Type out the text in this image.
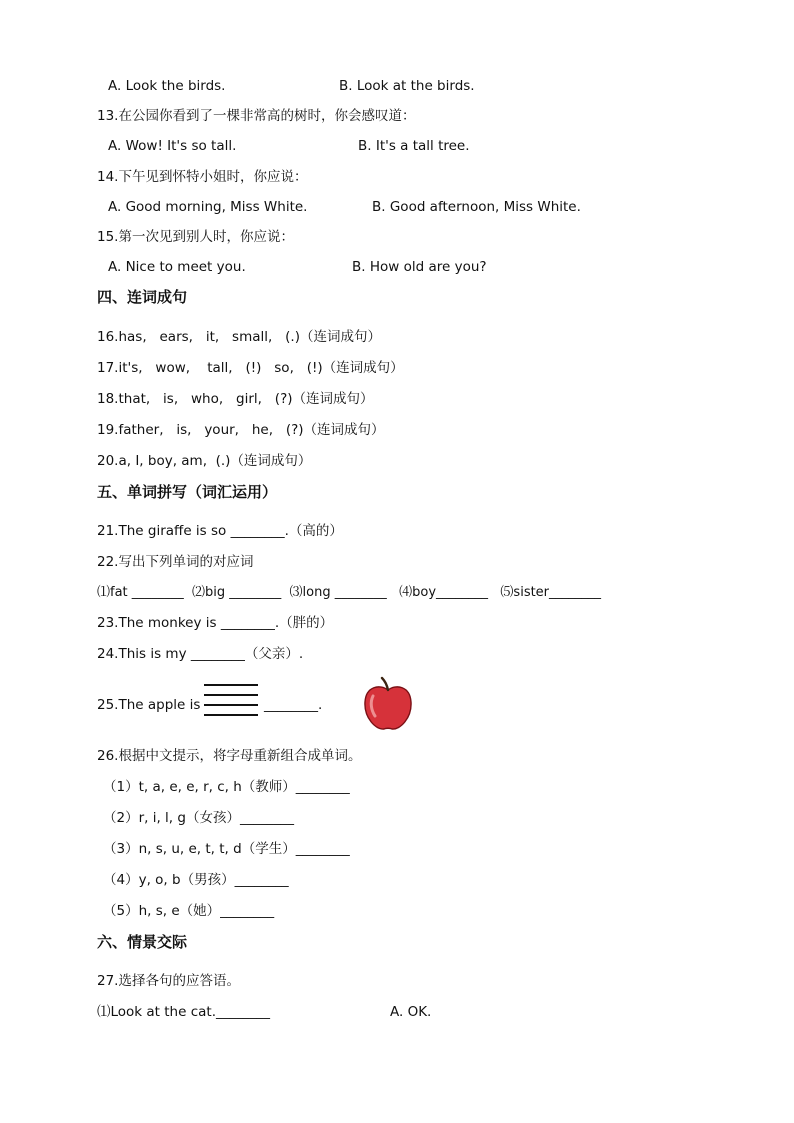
A. Look the birds.	B. Look at the birds.
13.在公园你看到了一棵非常高的树时，你会感叹道：
A. Wow! It's so tall.	B. It's a tall tree.
14.下午见到怀特小姐时，你应说：
A. Good morning, Miss White.	B. Good afternoon, Miss White.
15.第一次见到别人时，你应说：
A. Nice to meet you.	B. How old are you?
四、连词成句
16.has,   ears,   it,   small,   (.)（连词成句）
17.it's,   wow,    tall,   (!)   so,   (!)（连词成句）
18.that,   is,   who,   girl,   (?)（连词成句）
19.father,   is,   your,   he,   (?)（连词成句）
20.a, I, boy, am,  (.)（连词成句）
五、单词拼写（词汇运用）
21.The giraffe is so ________.（高的）
22.写出下列单词的对应词
⑴fat ________  ⑵big ________  ⑶long ________   ⑷boy________   ⑸sister________
23.The monkey is ________.（胖的）
24.This is my ________（父亲）.
25.The apple is	________.
26.根据中文提示，将字母重新组合成单词。
（1）t, a, e, e, r, c, h（教师）________
（2）r, i, l, g（女孩）________
（3）n, s, u, e, t, t, d（学生）________
（4）y, o, b（男孩）________
（5）h, s, e（她）________
六、情景交际
27.选择各句的应答语。
⑴Look at the cat.________	A. OK.
